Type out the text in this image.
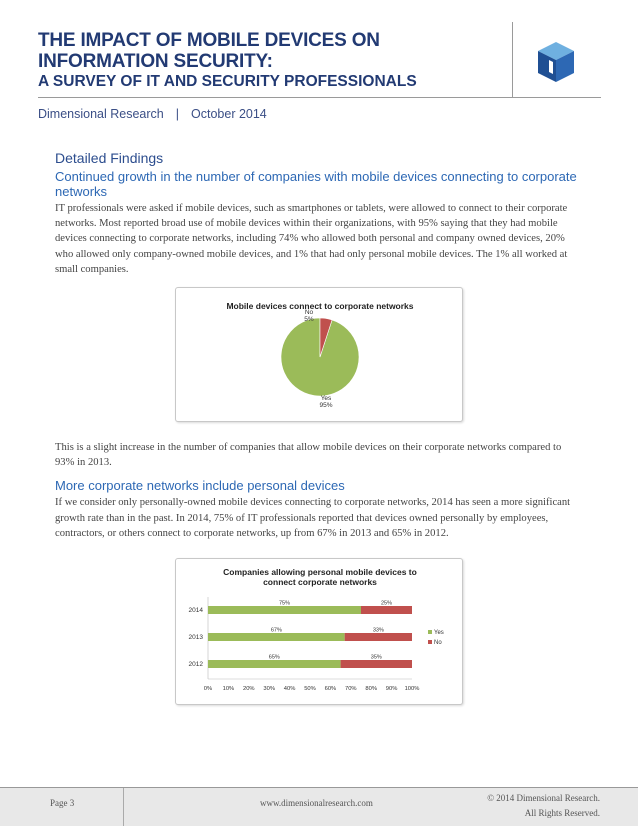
THE IMPACT OF MOBILE DEVICES ON
INFORMATION SECURITY:
A SURVEY OF IT AND SECURITY PROFESSIONALS
Dimensional Research | October 2014
Detailed Findings
Continued growth in the number of companies with mobile devices connecting to corporate networks
IT professionals were asked if mobile devices, such as smartphones or tablets, were allowed to connect to their corporate networks. Most reported broad use of mobile devices within their organizations, with 95% saying that they had mobile devices connecting to corporate networks, including 74% who allowed both personal and company owned devices, 20% who allowed only company-owned mobile devices, and 1% that had only personal mobile devices. The 1% all worked at small companies.
Mobile devices connect to corporate networks
No
5%
Yes
95%
This is a slight increase in the number of companies that allow mobile devices on their corporate networks compared to 93% in 2013.
More corporate networks include personal devices
If we consider only personally-owned mobile devices connecting to corporate networks, 2014 has seen a more significant growth rate than in the past. In 2014, 75% of IT professionals reported that devices owned personally by employees, contractors, or others connect to corporate networks, up from 67% in 2013 and 65% in 2012.
Companies allowing personal mobile devices to
connect corporate networks
2014
75%	25%
2013
67%	33%
2012
65%	35%
0% 10% 20% 30% 40% 50% 60% 70% 80% 90% 100%
Yes
No
Page 3	www.dimensionalresearch.com	© 2014 Dimensional Research.
All Rights Reserved.
